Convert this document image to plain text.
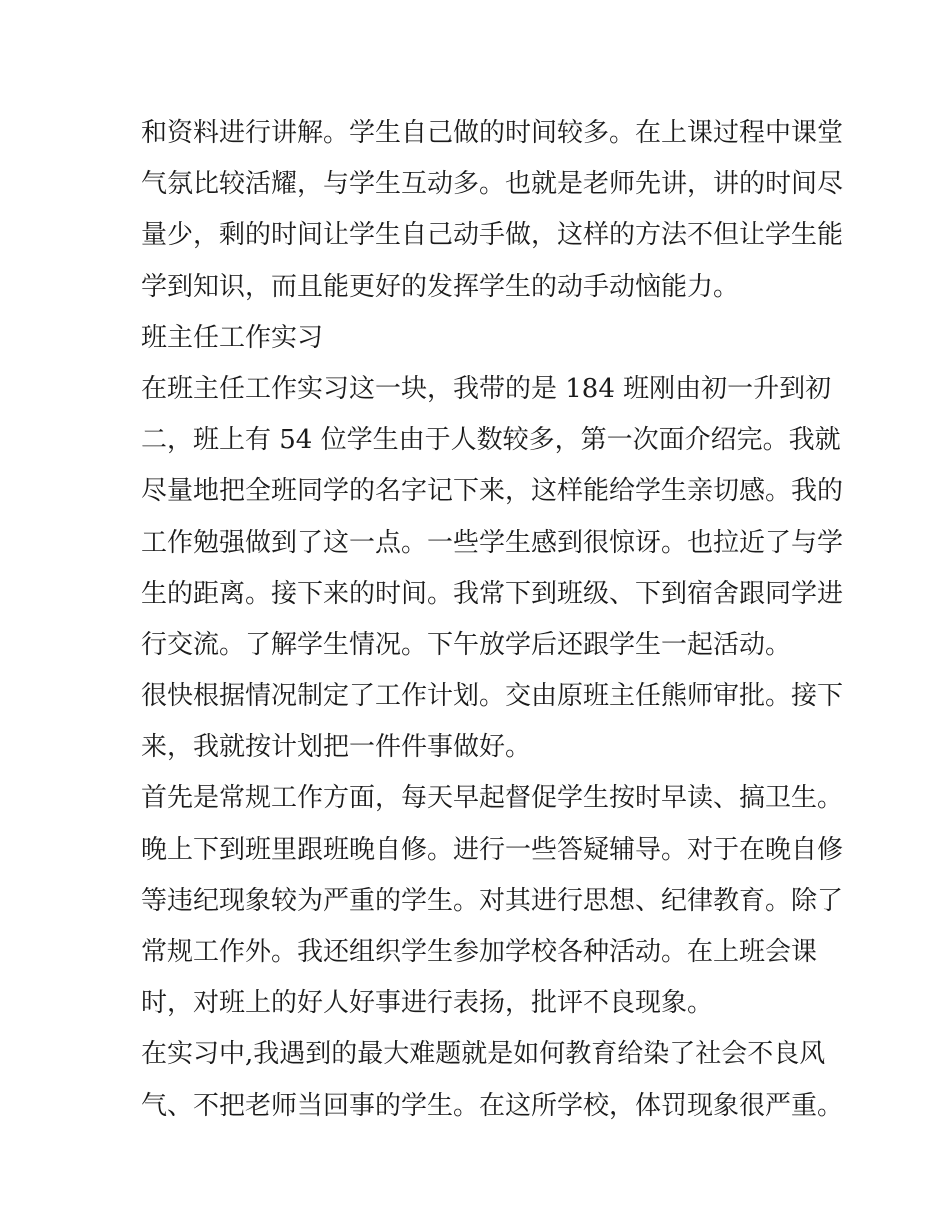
和资料进行讲解。学生自己做的时间较多。在上课过程中课堂
气氛比较活耀，与学生互动多。也就是老师先讲，讲的时间尽
量少，剩的时间让学生自己动手做，这样的方法不但让学生能
学到知识，而且能更好的发挥学生的动手动恼能力。
班主任工作实习
在班主任工作实习这一块，我带的是 184 班刚由初一升到初
二，班上有 54 位学生由于人数较多，第一次面介绍完。我就
尽量地把全班同学的名字记下来，这样能给学生亲切感。我的
工作勉强做到了这一点。一些学生感到很惊讶。也拉近了与学
生的距离。接下来的时间。我常下到班级、下到宿舍跟同学进
行交流。了解学生情况。下午放学后还跟学生一起活动。
很快根据情况制定了工作计划。交由原班主任熊师审批。接下
来，我就按计划把一件件事做好。
首先是常规工作方面，每天早起督促学生按时早读、搞卫生。
晚上下到班里跟班晚自修。进行一些答疑辅导。对于在晚自修
等违纪现象较为严重的学生。对其进行思想、纪律教育。除了
常规工作外。我还组织学生参加学校各种活动。在上班会课
时，对班上的好人好事进行表扬，批评不良现象。
在实习中,我遇到的最大难题就是如何教育给染了社会不良风
气、不把老师当回事的学生。在这所学校，体罚现象很严重。
